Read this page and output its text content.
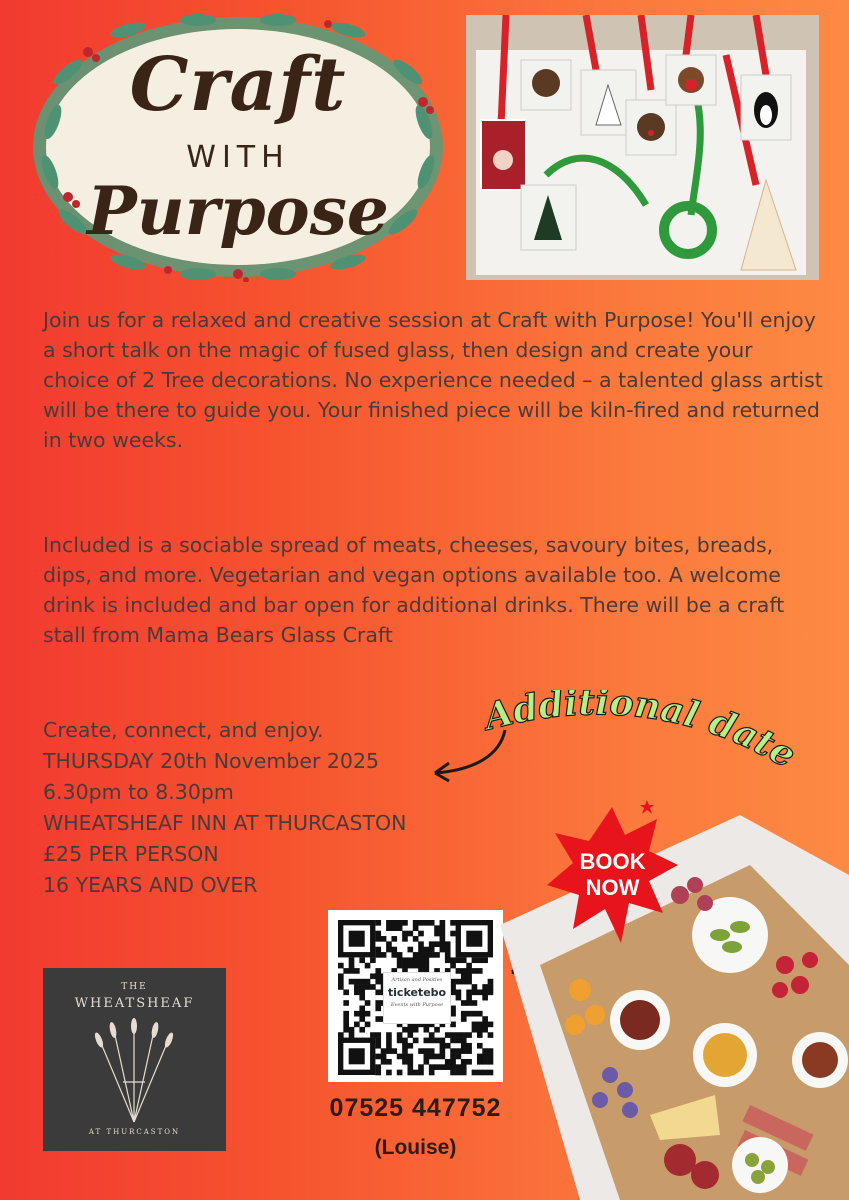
Craft
WITH
Purpose
Join us for a relaxed and creative session at Craft with Purpose! You'll enjoy a short talk on the magic of fused glass, then design and create your choice of 2 Tree decorations. No experience needed – a talented glass artist will be there to guide you. Your finished piece will be kiln-fired and returned in two weeks.
Included is a sociable spread of meats, cheeses, savoury bites, breads, dips, and more. Vegetarian and vegan options available too. A welcome drink is included and bar open for additional drinks. There will be a craft stall from Mama Bears Glass Craft
Create, connect, and enjoy.
THURSDAY 20th November 2025
6.30pm to 8.30pm
WHEATSHEAF INN AT THURCASTON
£25 PER PERSON
16 YEARS AND OVER
Additional date
THE
WHEATSHEAF
AT THURCASTON
Artisan and Positive
ticketebo
Events with Purpose
07525 447752
(Louise)
BOOK
NOW
